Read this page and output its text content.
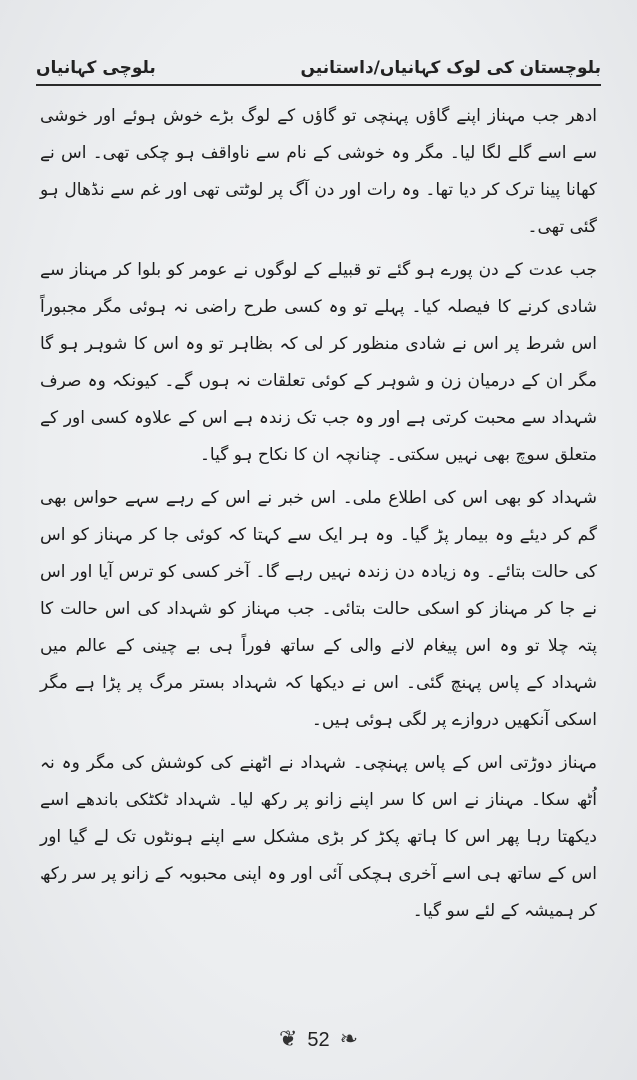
بلوچستان کی لوک کہانیاں/داستانیں
بلوچی کہانیاں

ادھر جب مہناز اپنے گاؤں پہنچی تو گاؤں کے لوگ بڑے خوش ہوئے اور خوشی سے اسے گلے لگا لیا۔ مگر وہ خوشی کے نام سے ناواقف ہو چکی تھی۔ اس نے کھانا پینا ترک کر دیا تھا۔ وہ رات اور دن آگ پر لوٹتی تھی اور غم سے نڈھال ہو گئی تھی۔

جب عدت کے دن پورے ہو گئے تو قبیلے کے لوگوں نے عومر کو بلوا کر مہناز سے شادی کرنے کا فیصلہ کیا۔ پہلے تو وہ کسی طرح راضی نہ ہوئی مگر مجبوراً اس شرط پر اس نے شادی منظور کر لی کہ بظاہر تو وہ اس کا شوہر ہو گا مگر ان کے درمیان زن و شوہر کے کوئی تعلقات نہ ہوں گے۔ کیونکہ وہ صرف شہداد سے محبت کرتی ہے اور وہ جب تک زندہ ہے اس کے علاوہ کسی اور کے متعلق سوچ بھی نہیں سکتی۔ چنانچہ ان کا نکاح ہو گیا۔

شہداد کو بھی اس کی اطلاع ملی۔ اس خبر نے اس کے رہے سہے حواس بھی گم کر دیئے وہ بیمار پڑ گیا۔ وہ ہر ایک سے کہتا کہ کوئی جا کر مہناز کو اس کی حالت بتائے۔ وہ زیادہ دن زندہ نہیں رہے گا۔ آخر کسی کو ترس آیا اور اس نے جا کر مہناز کو اسکی حالت بتائی۔ جب مہناز کو شہداد کی اس حالت کا پتہ چلا تو وہ اس پیغام لانے والی کے ساتھ فوراً ہی بے چینی کے عالم میں شہداد کے پاس پہنچ گئی۔ اس نے دیکھا کہ شہداد بستر مرگ پر پڑا ہے مگر اسکی آنکھیں دروازے پر لگی ہوئی ہیں۔

مہناز دوڑتی اس کے پاس پہنچی۔ شہداد نے اٹھنے کی کوشش کی مگر وہ نہ اُٹھ سکا۔ مہناز نے اس کا سر اپنے زانو پر رکھ لیا۔ شہداد ٹکٹکی باندھے اسے دیکھتا رہا پھر اس کا ہاتھ پکڑ کر بڑی مشکل سے اپنے ہونٹوں تک لے گیا اور اس کے ساتھ ہی اسے آخری ہچکی آئی اور وہ اپنی محبوبہ کے زانو پر سر رکھ کر ہمیشہ کے لئے سو گیا۔

❦ 52 ❧
